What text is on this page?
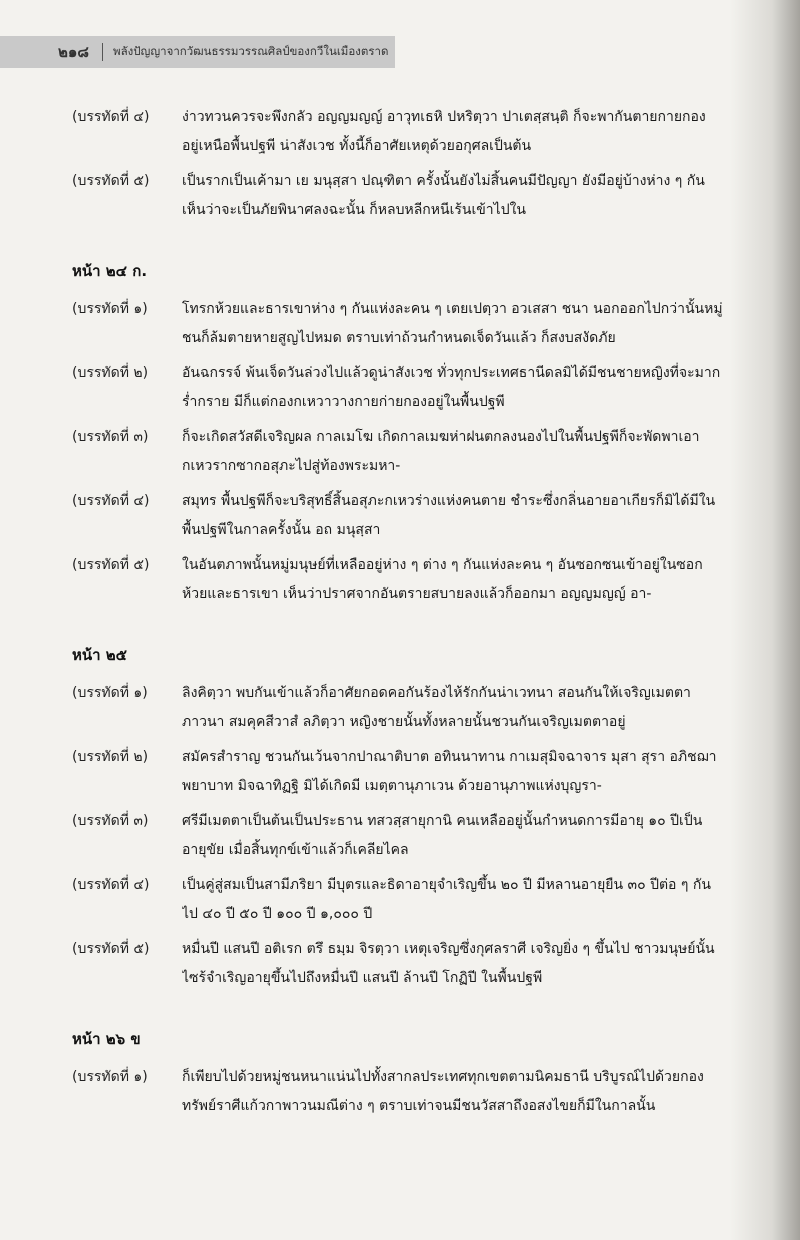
๒๑๘	พลังปัญญาจากวัฒนธรรมวรรณศิลป์ของกวีในเมืองตราด
(บรรทัดที่ ๔)	ง่าวทวนควรจะพึงกลัว อญญมญญ์ อาวุทเธหิ ปหริตฺวา ปาเตสฺสนฺติ ก็จะพากันตายกายกอง
อยู่เหนือพื้นปฐพี น่าสังเวช ทั้งนี้ก็อาศัยเหตุด้วยอกุศลเป็นต้น
(บรรทัดที่ ๕)	เป็นรากเป็นเค้ามา เย มนุสฺสา ปณฺฑิตา ครั้งนั้นยังไม่สิ้นคนมีปัญญา ยังมีอยู่บ้างห่าง ๆ กัน
เห็นว่าจะเป็นภัยพินาศลงฉะนั้น ก็หลบหลีกหนีเร้นเข้าไปใน
หน้า ๒๔ ก.
(บรรทัดที่ ๑)	โทรกห้วยและธารเขาห่าง ๆ กันแห่งละคน ๆ เตยเปตฺวา อวเสสา ชนา นอกออกไปกว่านั้นหมู่
ชนก็ล้มตายหายสูญไปหมด ตราบเท่าถ้วนกำหนดเจ็ดวันแล้ว ก็สงบสงัดภัย
(บรรทัดที่ ๒)	อันฉกรรจ์ พ้นเจ็ดวันล่วงไปแล้วดูน่าสังเวช ทั่วทุกประเทศธานีดลมิได้มีชนชายหญิงที่จะมาก
ร่ำกราย มีก็แต่กองกเหวาวางกายก่ายกองอยู่ในพื้นปฐพี
(บรรทัดที่ ๓)	ก็จะเกิดสวัสดีเจริญผล กาลเมโฆ เกิดกาลเมฆห่าฝนตกลงนองไปในพื้นปฐพีก็จะพัดพาเอา
กเหวรากซากอสุภะไปสู่ท้องพระมหา-
(บรรทัดที่ ๔)	สมุทร พื้นปฐพีก็จะบริสุทธิ์สิ้นอสุภะกเหวร่างแห่งคนตาย ชำระซึ่งกลิ่นอายอาเกียรก็มิได้มีใน
พื้นปฐพีในกาลครั้งนั้น อถ มนุสฺสา
(บรรทัดที่ ๕)	ในอันตภาพนั้นหมู่มนุษย์ที่เหลืออยู่ห่าง ๆ ต่าง ๆ กันแห่งละคน ๆ อันซอกซนเข้าอยู่ในซอก
ห้วยและธารเขา เห็นว่าปราศจากอันตรายสบายลงแล้วก็ออกมา อญญมญญ์ อา-
หน้า ๒๕
(บรรทัดที่ ๑)	ลิงคิตฺวา พบกันเข้าแล้วก็อาศัยกอดคอกันร้องไห้รักกันน่าเวทนา สอนกันให้เจริญเมตตา
ภาวนา สมคุคสีวาสํ ลภิตฺวา หญิงชายนั้นทั้งหลายนั้นชวนกันเจริญเมตตาอยู่
(บรรทัดที่ ๒)	สมัครสำราญ ชวนกันเว้นจากปาณาติบาต อทินนาทาน กาเมสุมิจฉาจาร มุสา สุรา อภิชฌา
พยาบาท มิจฉาทิฏฐิ มิได้เกิดมี เมตฺตานุภาเวน ด้วยอานุภาพแห่งบุญรา-
(บรรทัดที่ ๓)	ศรีมีเมตตาเป็นต้นเป็นประธาน ทสวสฺสายุกานิ คนเหลืออยู่นั้นกำหนดการมีอายุ ๑๐ ปีเป็น
อายุขัย เมื่อสิ้นทุกข์เข้าแล้วก็เคลียไคล
(บรรทัดที่ ๔)	เป็นคู่สู่สมเป็นสามีภริยา มีบุตรและธิดาอายุจำเริญขึ้น ๒๐ ปี มีหลานอายุยืน ๓๐ ปีต่อ ๆ กัน
ไป ๔๐ ปี ๕๐ ปี ๑๐๐ ปี ๑,๐๐๐ ปี
(บรรทัดที่ ๕)	หมื่นปี แสนปี อติเรก ตรึ ธมฺม จิรตฺวา เหตุเจริญซึ่งกุศลราศี เจริญยิ่ง ๆ ขึ้นไป ชาวมนุษย์นั้น
ไซร้จำเริญอายุขึ้นไปถึงหมื่นปี แสนปี ล้านปี โกฏิปี ในพื้นปฐพี
หน้า ๒๖ ข
(บรรทัดที่ ๑)	ก็เพียบไปด้วยหมู่ชนหนาแน่นไปทั้งสากลประเทศทุกเขตตามนิคมธานี บริบูรณ์ไปด้วยกอง
ทรัพย์ราศีแก้วกาพาวนมณีต่าง ๆ ตราบเท่าจนมีชนวัสสาถึงอสงไขยก็มีในกาลนั้น
